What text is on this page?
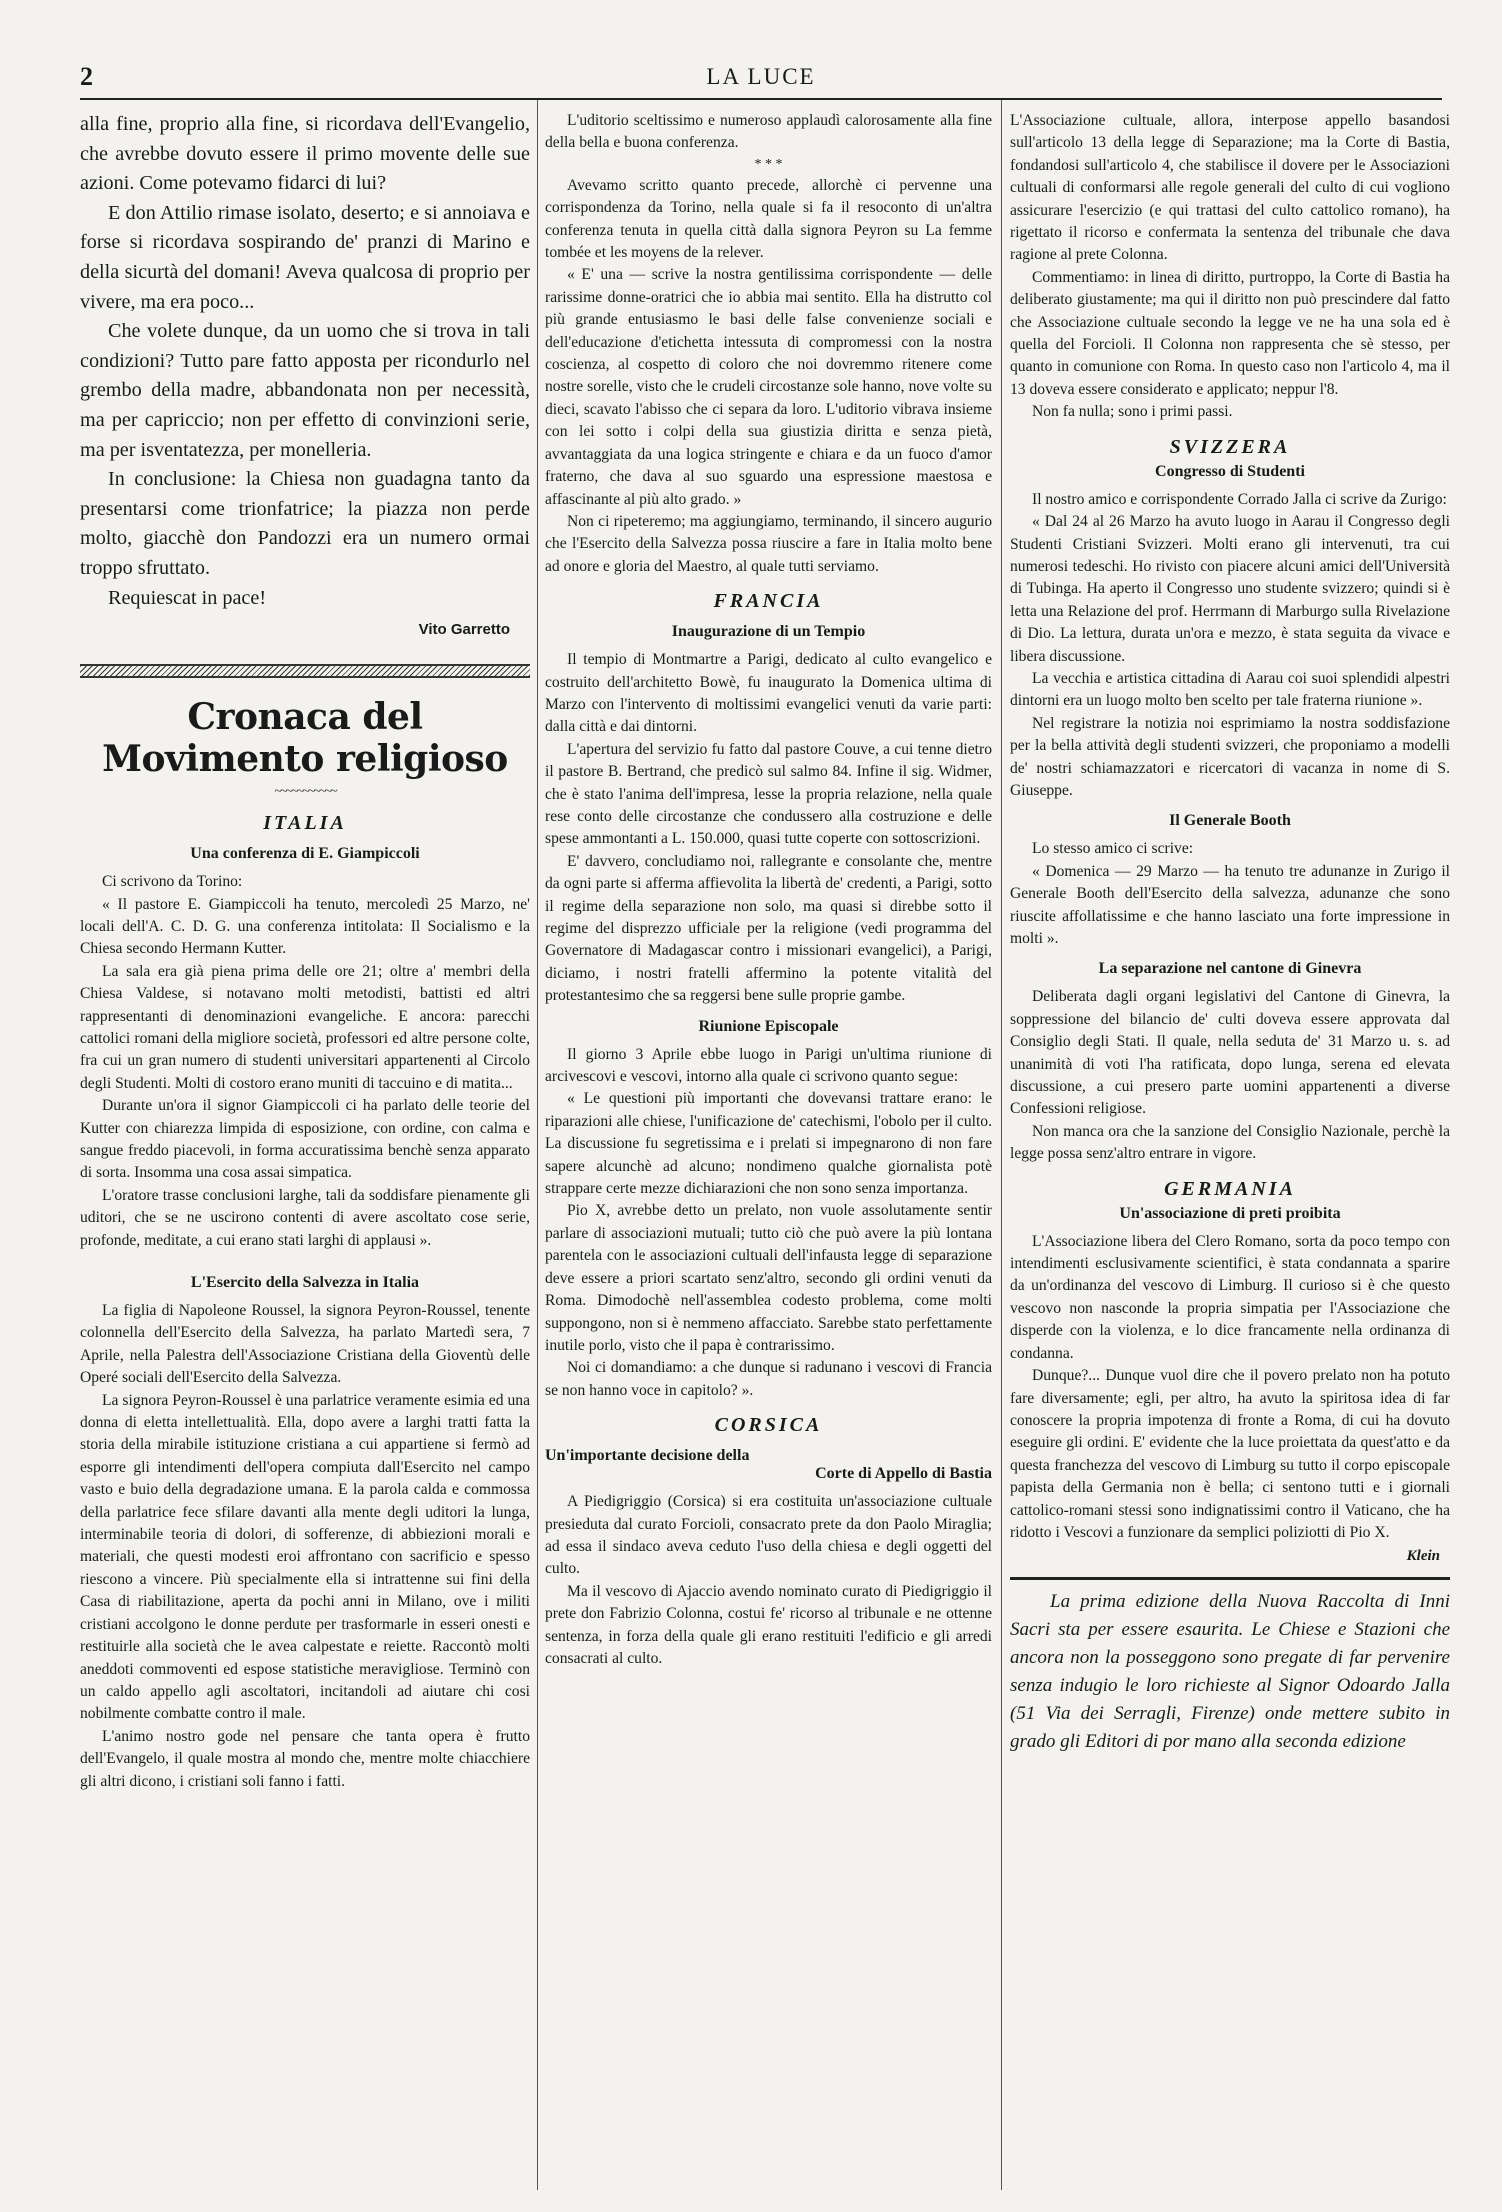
2	LA LUCE

alla fine, proprio alla fine, si ricordava dell'Evangelio, che avrebbe dovuto essere il primo movente delle sue azioni. Come potevamo fidarci di lui?

E don Attilio rimase isolato, deserto; e si annoiava e forse si ricordava sospirando de' pranzi di Marino e della sicurtà del domani! Aveva qualcosa di proprio per vivere, ma era poco...

Che volete dunque, da un uomo che si trova in tali condizioni? Tutto pare fatto apposta per ricondurlo nel grembo della madre, abbandonata non per necessità, ma per capriccio; non per effetto di convinzioni serie, ma per isventatezza, per monelleria.

In conclusione: la Chiesa non guadagna tanto da presentarsi come trionfatrice; la piazza non perde molto, giacchè don Pandozzi era un numero ormai troppo sfruttato.

Requiescat in pace!

Vito Garretto
Cronaca del Movimento religioso
~~~~~~~~~~~
ITALIA
Una conferenza di E. Giampiccoli

Ci scrivono da Torino:

« Il pastore E. Giampiccoli ha tenuto, mercoledì 25 Marzo, ne' locali dell'A. C. D. G. una conferenza intitolata: Il Socialismo e la Chiesa secondo Hermann Kutter.

La sala era già piena prima delle ore 21; oltre a' membri della Chiesa Valdese, si notavano molti metodisti, battisti ed altri rappresentanti di denominazioni evangeliche. E ancora: parecchi cattolici romani della migliore società, professori ed altre persone colte, fra cui un gran numero di studenti universitari appartenenti al Circolo degli Studenti. Molti di costoro erano muniti di taccuino e di matita...

Durante un'ora il signor Giampiccoli ci ha parlato delle teorie del Kutter con chiarezza limpida di esposizione, con ordine, con calma e sangue freddo piacevoli, in forma accuratissima benchè senza apparato di sorta. Insomma una cosa assai simpatica.

L'oratore trasse conclusioni larghe, tali da soddisfare pienamente gli uditori, che se ne uscirono contenti di avere ascoltato cose serie, profonde, meditate, a cui erano stati larghi di applausi ».

L'Esercito della Salvezza in Italia

La figlia di Napoleone Roussel, la signora Peyron-Roussel, tenente colonnella dell'Esercito della Salvezza, ha parlato Martedì sera, 7 Aprile, nella Palestra dell'Associazione Cristiana della Gioventù delle Operé sociali dell'Esercito della Salvezza.

La signora Peyron-Roussel è una parlatrice veramente esimia ed una donna di eletta intellettualità. Ella, dopo avere a larghi tratti fatta la storia della mirabile istituzione cristiana a cui appartiene si fermò ad esporre gli intendimenti dell'opera compiuta dall'Esercito nel campo vasto e buio della degradazione umana. E la parola calda e commossa della parlatrice fece sfilare davanti alla mente degli uditori la lunga, interminabile teoria di dolori, di sofferenze, di abbiezioni morali e materiali, che questi modesti eroi affrontano con sacrificio e spesso riescono a vincere. Più specialmente ella si intrattenne sui fini della Casa di riabilitazione, aperta da pochi anni in Milano, ove i militi cristiani accolgono le donne perdute per trasformarle in esseri onesti e restituirle alla società che le avea calpestate e reiette. Raccontò molti aneddoti commoventi ed espose statistiche meravigliose. Terminò con un caldo appello agli ascoltatori, incitandoli ad aiutare chi cosi nobilmente combatte contro il male.

L'animo nostro gode nel pensare che tanta opera è frutto dell'Evangelo, il quale mostra al mondo che, mentre molte chiacchiere gli altri dicono, i cristiani soli fanno i fatti.

L'uditorio sceltissimo e numeroso applaudì calorosamente alla fine della bella e buona conferenza.

* * *

Avevamo scritto quanto precede, allorchè ci pervenne una corrispondenza da Torino, nella quale si fa il resoconto di un'altra conferenza tenuta in quella città dalla signora Peyron su La femme tombée et les moyens de la relever.

« E' una — scrive la nostra gentilissima corrispondente — delle rarissime donne-oratrici che io abbia mai sentito. Ella ha distrutto col più grande entusiasmo le basi delle false convenienze sociali e dell'educazione d'etichetta intessuta di compromessi con la nostra coscienza, al cospetto di coloro che noi dovremmo ritenere come nostre sorelle, visto che le crudeli circostanze sole hanno, nove volte su dieci, scavato l'abisso che ci separa da loro. L'uditorio vibrava insieme con lei sotto i colpi della sua giustizia diritta e senza pietà, avvantaggiata da una logica stringente e chiara e da un fuoco d'amor fraterno, che dava al suo sguardo una espressione maestosa e affascinante al più alto grado. »

Non ci ripeteremo; ma aggiungiamo, terminando, il sincero augurio che l'Esercito della Salvezza possa riuscire a fare in Italia molto bene ad onore e gloria del Maestro, al quale tutti serviamo.

FRANCIA
Inaugurazione di un Tempio

Il tempio di Montmartre a Parigi, dedicato al culto evangelico e costruito dell'architetto Bowè, fu inaugurato la Domenica ultima di Marzo con l'intervento di moltissimi evangelici venuti da varie parti: dalla città e dai dintorni.

L'apertura del servizio fu fatto dal pastore Couve, a cui tenne dietro il pastore B. Bertrand, che predicò sul salmo 84. Infine il sig. Widmer, che è stato l'anima dell'impresa, lesse la propria relazione, nella quale rese conto delle circostanze che condussero alla costruzione e delle spese ammontanti a L. 150.000, quasi tutte coperte con sottoscrizioni.

E' davvero, concludiamo noi, rallegrante e consolante che, mentre da ogni parte si afferma affievolita la libertà de' credenti, a Parigi, sotto il regime della separazione non solo, ma quasi si direbbe sotto il regime del disprezzo ufficiale per la religione (vedi programma del Governatore di Madagascar contro i missionari evangelici), a Parigi, diciamo, i nostri fratelli affermino la potente vitalità del protestantesimo che sa reggersi bene sulle proprie gambe.

Riunione Episcopale

Il giorno 3 Aprile ebbe luogo in Parigi un'ultima riunione di arcivescovi e vescovi, intorno alla quale ci scrivono quanto segue:

« Le questioni più importanti che dovevansi trattare erano: le riparazioni alle chiese, l'unificazione de' catechismi, l'obolo per il culto. La discussione fu segretissima e i prelati si impegnarono di non fare sapere alcunchè ad alcuno; nondimeno qualche giornalista potè strappare certe mezze dichiarazioni che non sono senza importanza.

Pio X, avrebbe detto un prelato, non vuole assolutamente sentir parlare di associazioni mutuali; tutto ciò che può avere la più lontana parentela con le associazioni cultuali dell'infausta legge di separazione deve essere a priori scartato senz'altro, secondo gli ordini venuti da Roma. Dimodochè nell'assemblea codesto problema, come molti suppongono, non si è nemmeno affacciato. Sarebbe stato perfettamente inutile porlo, visto che il papa è contrarissimo.

Noi ci domandiamo: a che dunque si radunano i vescovi di Francia se non hanno voce in capitolo? ».

CORSICA
Un'importante decisione della
Corte di Appello di Bastia

A Piedigriggio (Corsica) si era costituita un'associazione cultuale presieduta dal curato Forcioli, consacrato prete da don Paolo Miraglia; ad essa il sindaco aveva ceduto l'uso della chiesa e degli oggetti del culto.

Ma il vescovo di Ajaccio avendo nominato curato di Piedigriggio il prete don Fabrizio Colonna, costui fe' ricorso al tribunale e ne ottenne sentenza, in forza della quale gli erano restituiti l'edificio e gli arredi consacrati al culto.

L'Associazione cultuale, allora, interpose appello basandosi sull'articolo 13 della legge di Separazione; ma la Corte di Bastia, fondandosi sull'articolo 4, che stabilisce il dovere per le Associazioni cultuali di conformarsi alle regole generali del culto di cui vogliono assicurare l'esercizio (e qui trattasi del culto cattolico romano), ha rigettato il ricorso e confermata la sentenza del tribunale che dava ragione al prete Colonna.

Commentiamo: in linea di diritto, purtroppo, la Corte di Bastia ha deliberato giustamente; ma qui il diritto non può prescindere dal fatto che Associazione cultuale secondo la legge ve ne ha una sola ed è quella del Forcioli. Il Colonna non rappresenta che sè stesso, per quanto in comunione con Roma. In questo caso non l'articolo 4, ma il 13 doveva essere considerato e applicato; neppur l'8.

Non fa nulla; sono i primi passi.

SVIZZERA
Congresso di Studenti

Il nostro amico e corrispondente Corrado Jalla ci scrive da Zurigo:

« Dal 24 al 26 Marzo ha avuto luogo in Aarau il Congresso degli Studenti Cristiani Svizzeri. Molti erano gli intervenuti, tra cui numerosi tedeschi. Ho rivisto con piacere alcuni amici dell'Università di Tubinga. Ha aperto il Congresso uno studente svizzero; quindi si è letta una Relazione del prof. Herrmann di Marburgo sulla Rivelazione di Dio. La lettura, durata un'ora e mezzo, è stata seguita da vivace e libera discussione.

La vecchia e artistica cittadina di Aarau coi suoi splendidi alpestri dintorni era un luogo molto ben scelto per tale fraterna riunione ».

Nel registrare la notizia noi esprimiamo la nostra soddisfazione per la bella attività degli studenti svizzeri, che proponiamo a modelli de' nostri schiamazzatori e ricercatori di vacanza in nome di S. Giuseppe.

Il Generale Booth

Lo stesso amico ci scrive:

« Domenica — 29 Marzo — ha tenuto tre adunanze in Zurigo il Generale Booth dell'Esercito della salvezza, adunanze che sono riuscite affollatissime e che hanno lasciato una forte impressione in molti ».

La separazione nel cantone di Ginevra

Deliberata dagli organi legislativi del Cantone di Ginevra, la soppressione del bilancio de' culti doveva essere approvata dal Consiglio degli Stati. Il quale, nella seduta de' 31 Marzo u. s. ad unanimità di voti l'ha ratificata, dopo lunga, serena ed elevata discussione, a cui presero parte uomini appartenenti a diverse Confessioni religiose.

Non manca ora che la sanzione del Consiglio Nazionale, perchè la legge possa senz'altro entrare in vigore.

GERMANIA
Un'associazione di preti proibita

L'Associazione libera del Clero Romano, sorta da poco tempo con intendimenti esclusivamente scientifici, è stata condannata a sparire da un'ordinanza del vescovo di Limburg. Il curioso si è che questo vescovo non nasconde la propria simpatia per l'Associazione che disperde con la violenza, e lo dice francamente nella ordinanza di condanna.

Dunque?... Dunque vuol dire che il povero prelato non ha potuto fare diversamente; egli, per altro, ha avuto la spiritosa idea di far conoscere la propria impotenza di fronte a Roma, di cui ha dovuto eseguire gli ordini. E' evidente che la luce proiettata da quest'atto e da questa franchezza del vescovo di Limburg su tutto il corpo episcopale papista della Germania non è bella; ci sentono tutti e i giornali cattolico-romani stessi sono indignatissimi contro il Vaticano, che ha ridotto i Vescovi a funzionare da semplici poliziotti di Pio X.

Klein

La prima edizione della Nuova Raccolta di Inni Sacri sta per essere esaurita. Le Chiese e Stazioni che ancora non la posseggono sono pregate di far pervenire senza indugio le loro richieste al Signor Odoardo Jalla (51 Via dei Serragli, Firenze) onde mettere subito in grado gli Editori di por mano alla seconda edizione
